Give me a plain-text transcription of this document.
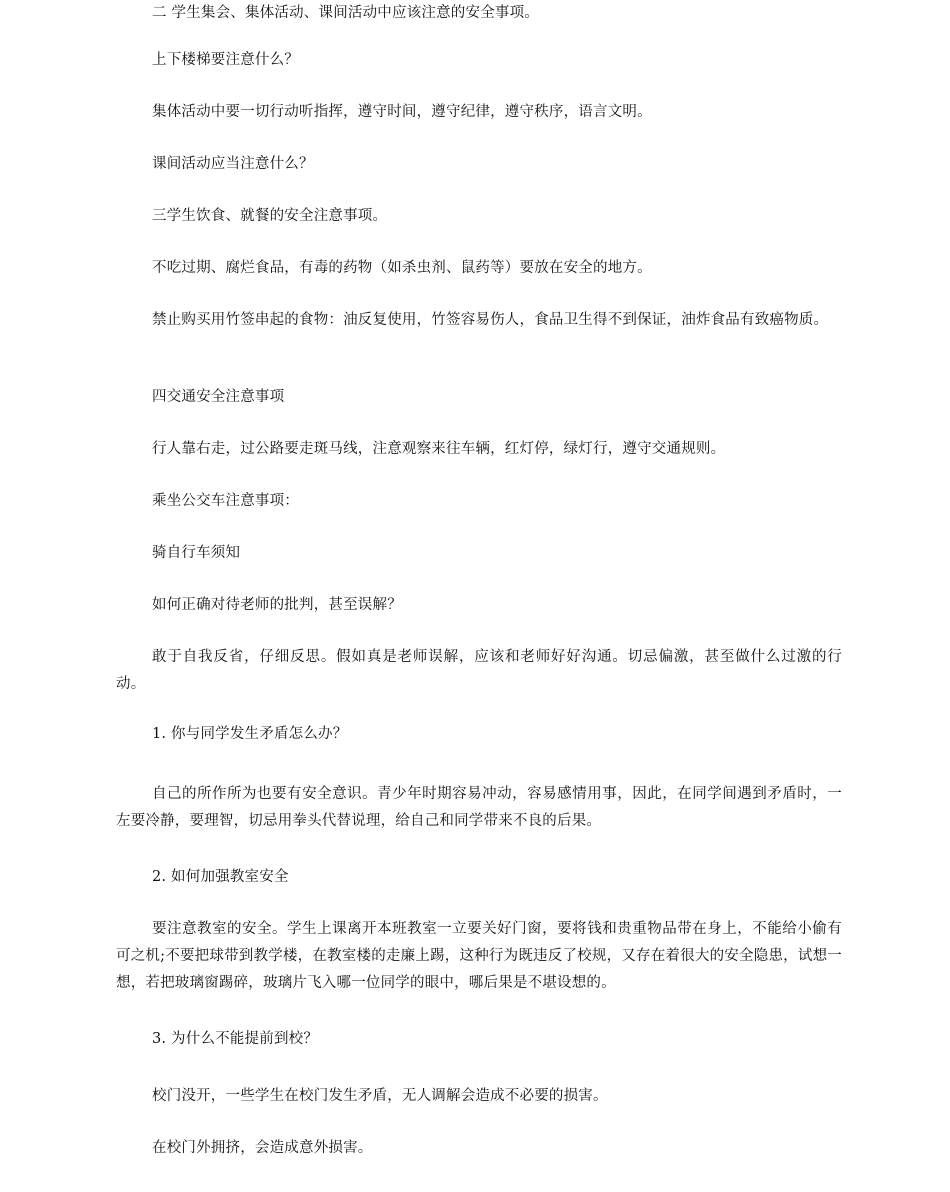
二 学生集会、集体活动、课间活动中应该注意的安全事项。

上下楼梯要注意什么？

集体活动中要一切行动听指挥，遵守时间，遵守纪律，遵守秩序，语言文明。

课间活动应当注意什么？

三学生饮食、就餐的安全注意事项。

不吃过期、腐烂食品，有毒的药物（如杀虫剂、鼠药等）要放在安全的地方。

禁止购买用竹签串起的食物：油反复使用，竹签容易伤人，食品卫生得不到保证，油炸食品有致癌物质。

四交通安全注意事项

行人靠右走，过公路要走斑马线，注意观察来往车辆，红灯停，绿灯行，遵守交通规则。

乘坐公交车注意事项：

骑自行车须知

如何正确对待老师的批判，甚至误解？

敢于自我反省，仔细反思。假如真是老师误解，应该和老师好好沟通。切忌偏激，甚至做什么过激的行动。

1. 你与同学发生矛盾怎么办？

自己的所作所为也要有安全意识。青少年时期容易冲动，容易感情用事，因此，在同学间遇到矛盾时，一左要冷静，要理智，切忌用拳头代替说理，给自己和同学带来不良的后果。

2. 如何加强教室安全

要注意教室的安全。学生上课离开本班教室一立要关好门窗，要将钱和贵重物品带在身上，不能给小偷有可之机;不要把球带到教学楼，在教室楼的走廉上踢，这种行为既违反了校规，又存在着很大的安全隐患，试想一想，若把玻璃窗踢碎，玻璃片飞入哪一位同学的眼中，哪后果是不堪设想的。

3. 为什么不能提前到校？

校门没开，一些学生在校门发生矛盾，无人调解会造成不必要的损害。

在校门外拥挤，会造成意外损害。
